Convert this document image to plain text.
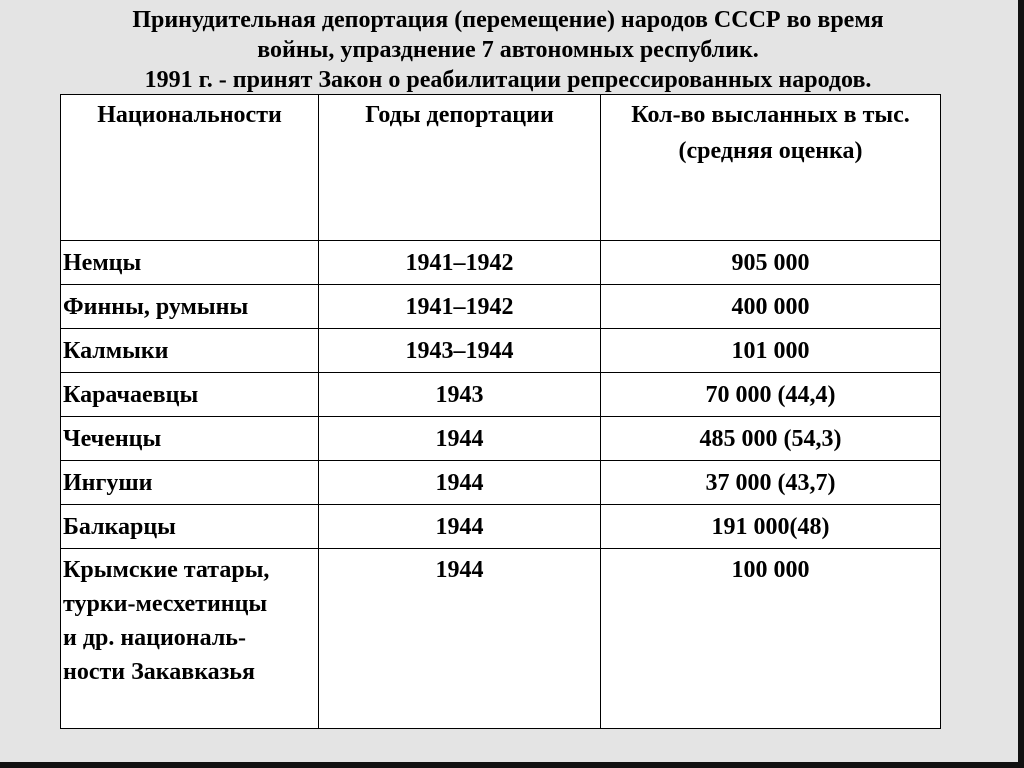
Принудительная депортация (перемещение) народов СССР во время
войны, упразднение 7 автономных республик.
1991 г. - принят Закон о реабилитации репрессированных народов.
Национальности	Годы депортации	Кол-во высланных в тыс.
(средняя оценка)

Немцы	1941–1942	905 000
Финны, румыны	1941–1942	400 000
Калмыки	1943–1944	101 000
Карачаевцы	1943	70 000 (44,4)
Чеченцы	1944	485 000 (54,3)
Ингуши	1944	37 000 (43,7)
Балкарцы	1944	191 000(48)

Крымские татары,
турки-месхетинцы
и др. националь-
ности Закавказья	1944	100 000
